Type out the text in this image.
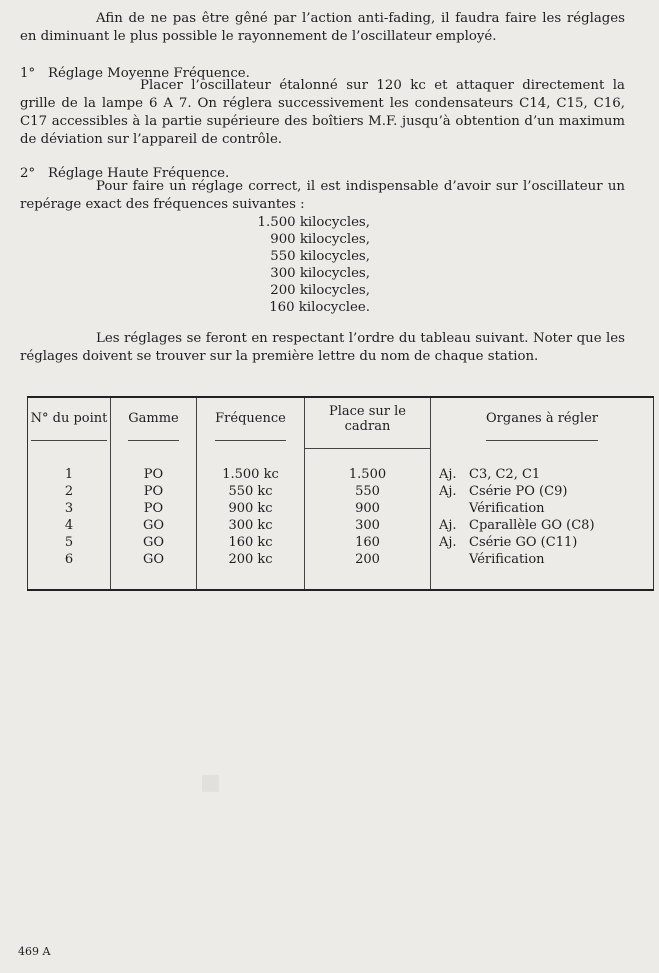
■

Afin de ne pas être gêné par l’action anti-fading, il faudra faire les réglages en diminuant le plus possible le rayonnement de l’oscillateur employé.

1° Réglage Moyenne Fréquence.

Placer l’oscillateur étalonné sur 120 kc et attaquer directement la grille de la lampe 6 A 7. On réglera successivement les condensateurs C14, C15, C16, C17 accessibles à la partie supérieure des boîtiers M.F. jusqu’à obtention d’un maximum de déviation sur l’appareil de contrôle.

2° Réglage Haute Fréquence.

Pour faire un réglage correct, il est indispensable d’avoir sur l’oscillateur un repérage exact des fréquences suivantes :

1.500 kilocycles,
900 kilocycles,
550 kilocycles,
300 kilocycles,
200 kilocycles,
160 kilocyclee.

Les réglages se feront en respectant l’ordre du tableau suivant. Noter que les réglages doivent se trouver sur la première lettre du nom de chaque station.

N° du point	Gamme	Fréquence	Place sur le cadran	Organes à régler

1	PO	1.500 kc	1.500	Aj. C3, C2, C1
2	PO	550 kc	550	Aj. Csérie PO (C9)
3	PO	900 kc	900	Vérification
4	GO	300 kc	300	Aj. Cparallèle GO (C8)
5	GO	160 kc	160	Aj. Csérie GO (C11)
6	GO	200 kc	200	Vérification

469 A
